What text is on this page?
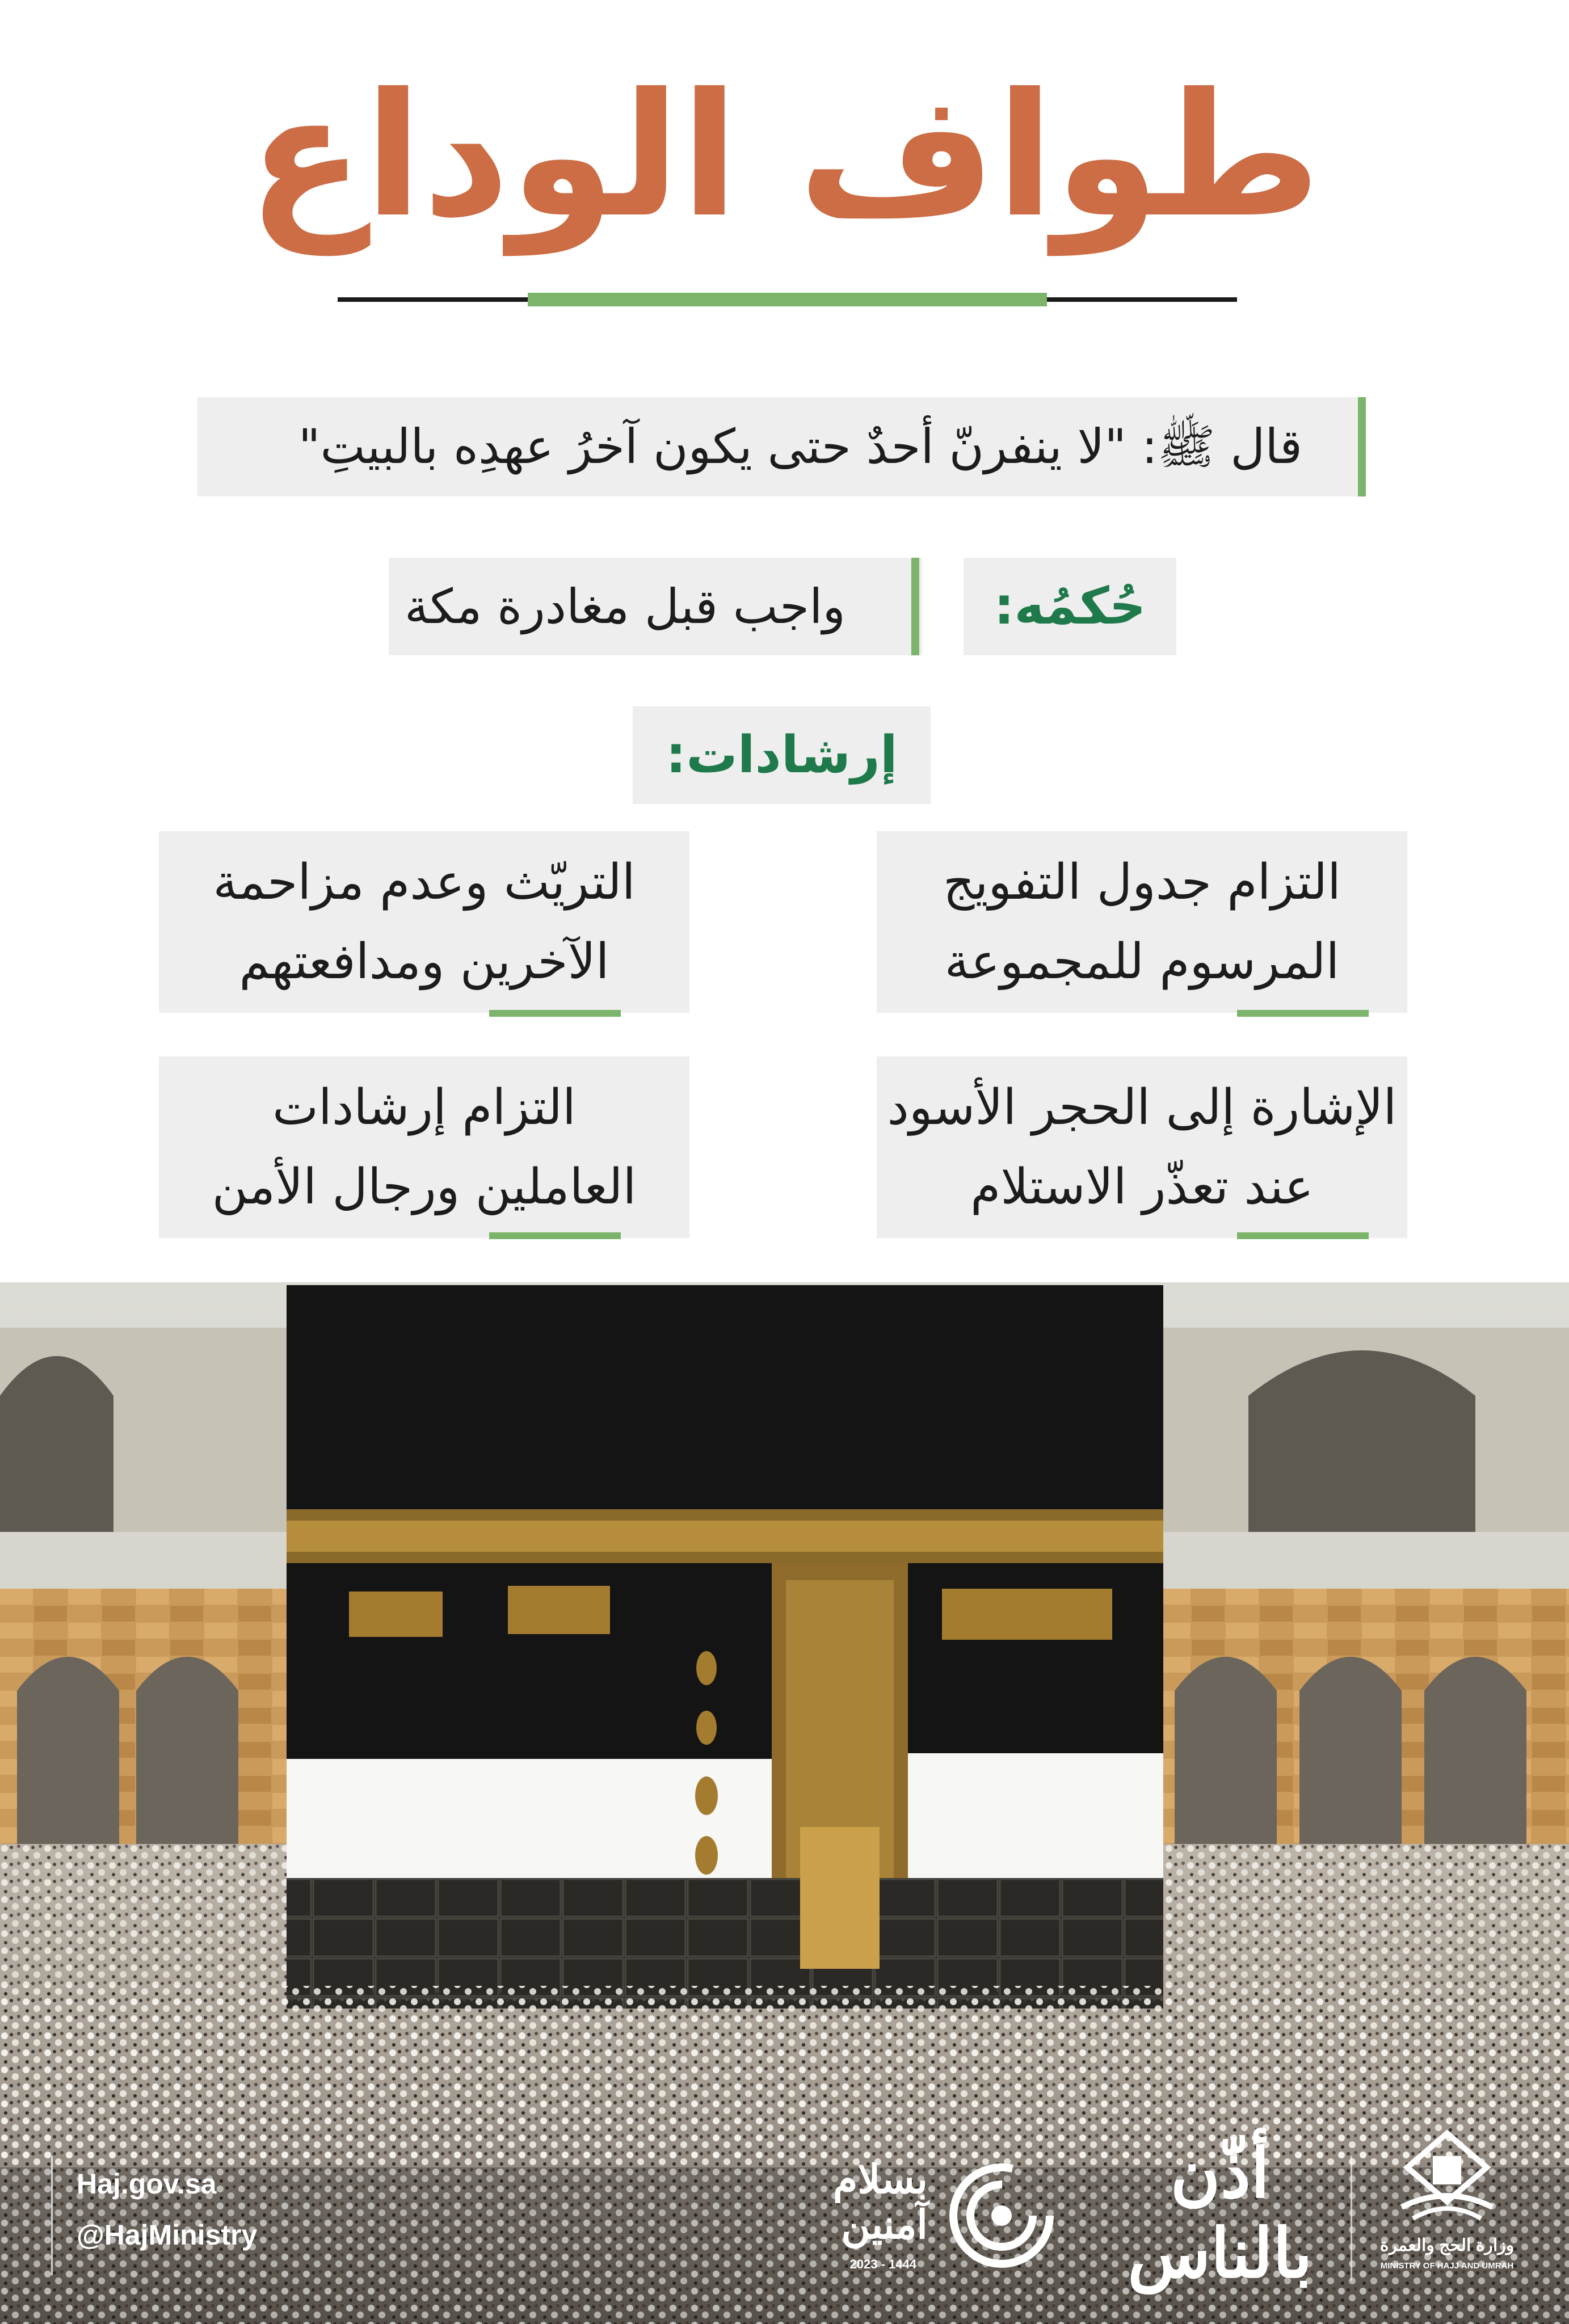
طواف الوداع
قال ﷺ: "لا ينفرنّ أحدٌ حتى يكون آخرُ عهدِه بالبيتِ"
حُكمُه:
واجب قبل مغادرة مكة
إرشادات:
التزام جدول التفويج
المرسوم للمجموعة
التريّث وعدم مزاحمة
الآخرين ومدافعتهم
الإشارة إلى الحجر الأسود
عند تعذّر الاستلام
التزام إرشادات
العاملين ورجال الأمن
Haj.gov.sa
@HajMinistry
بسلام
آمنين
2023 - 1444
أذّن بالناس	وزارة الحج والعمرة
MINISTRY OF HAJJ AND UMRAH
